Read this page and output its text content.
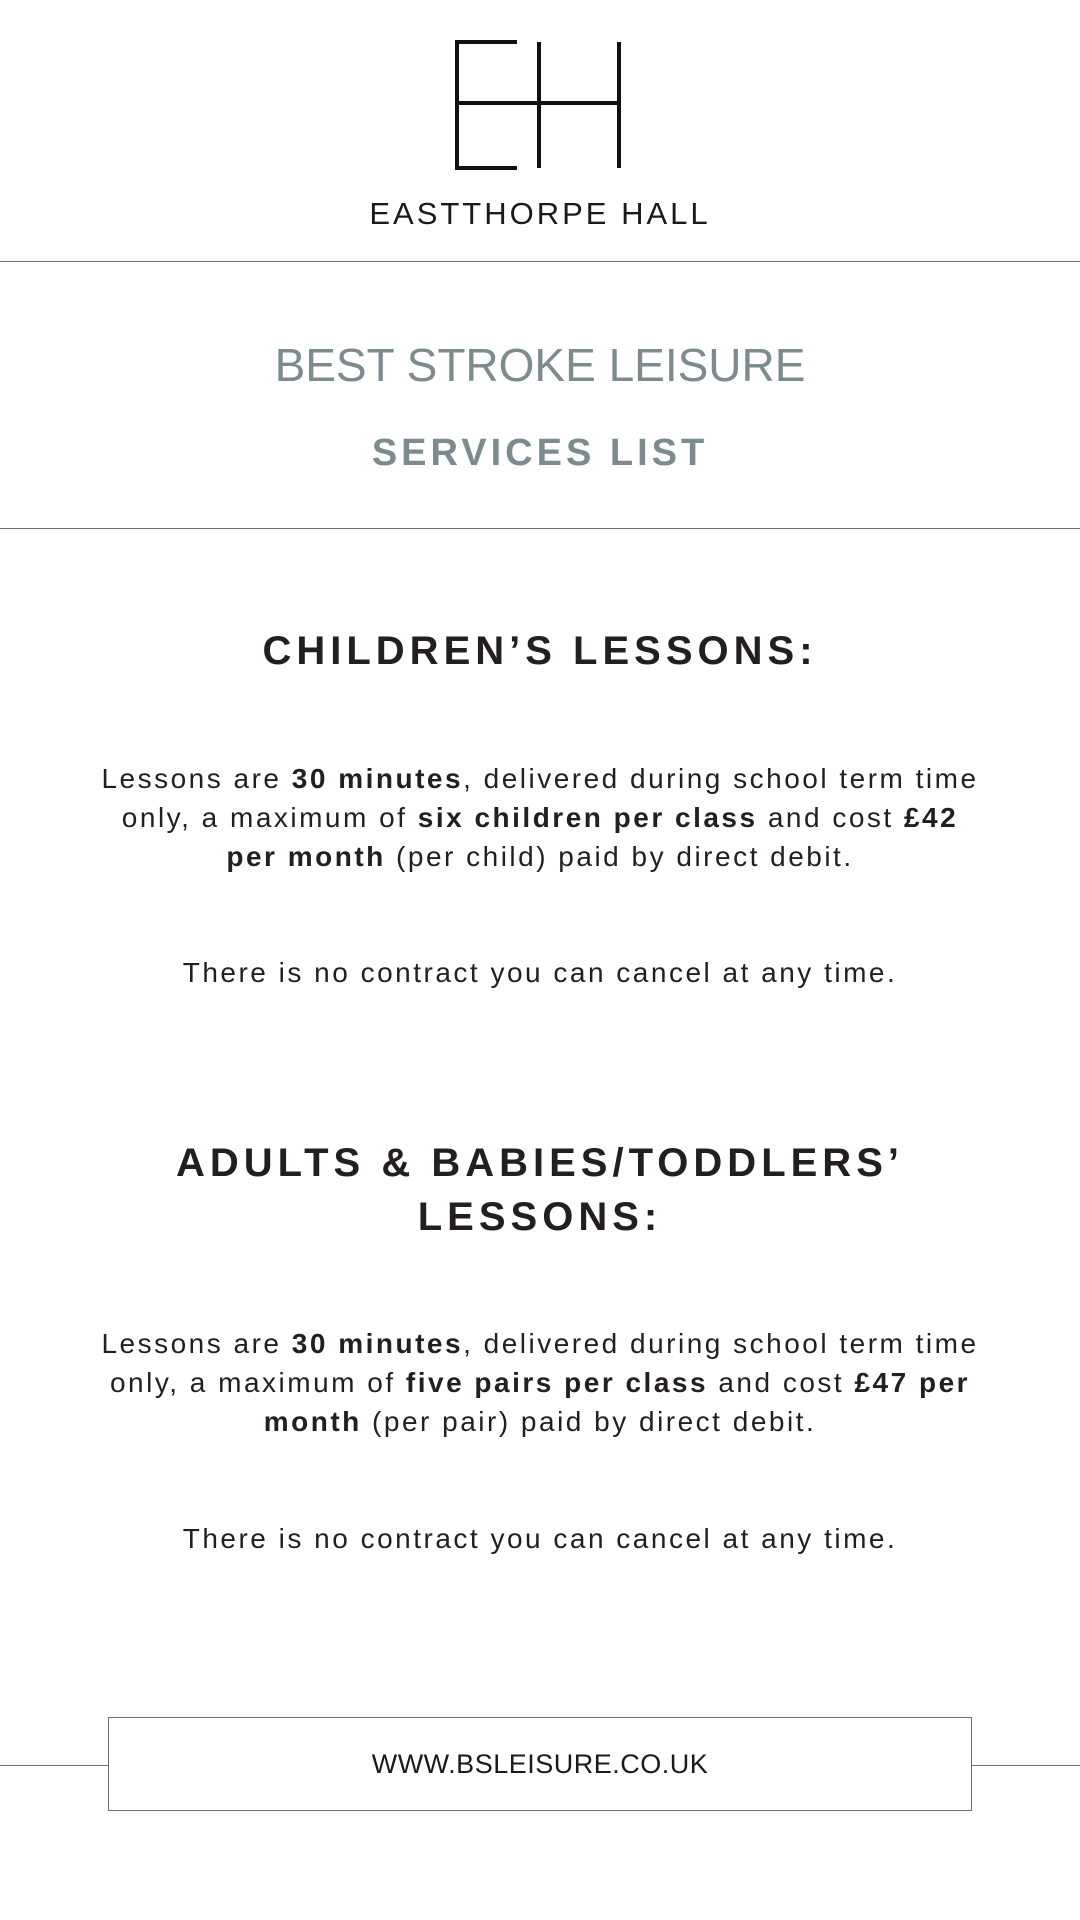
EASTTHORPE HALL
BEST STROKE LEISURE
SERVICES LIST
CHILDREN’S LESSONS:
Lessons are 30 minutes, delivered during school term time only, a maximum of six children per class and cost £42 per month (per child) paid by direct debit.
There is no contract you can cancel at any time.
ADULTS & BABIES/TODDLERS’
LESSONS:
Lessons are 30 minutes, delivered during school term time only, a maximum of five pairs per class and cost £47 per month (per pair) paid by direct debit.
There is no contract you can cancel at any time.
WWW.BSLEISURE.CO.UK
